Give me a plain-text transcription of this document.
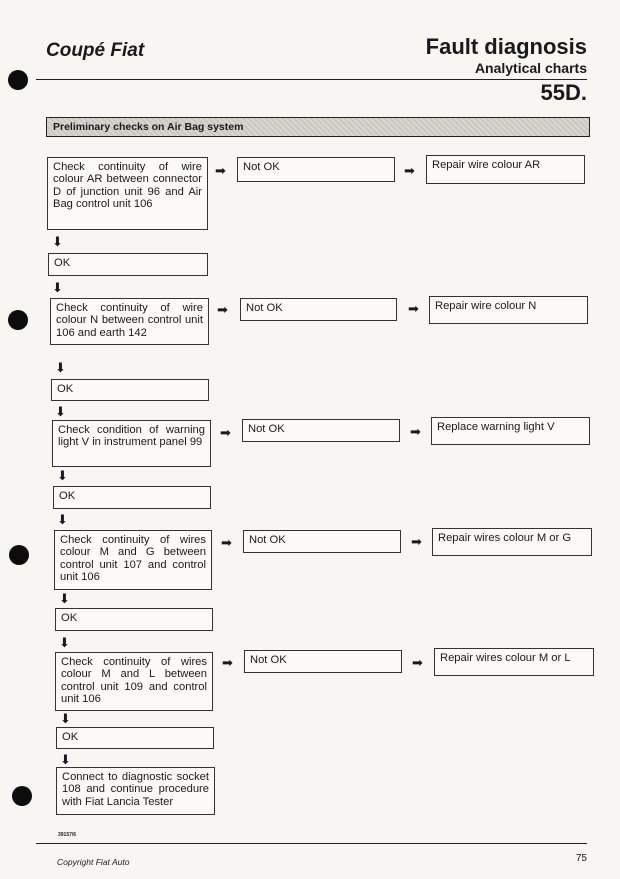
Coupé Fiat	Fault diagnosis
Analytical charts
55D.
Preliminary checks on Air Bag system
Check continuity of wire colour AR between connector D of junction unit 96 and Air Bag control unit 106
➡	Not OK	➡	Repair wire colour AR
⬇
OK
⬇
Check continuity of wire colour N between control unit 106 and earth 142
➡	Not OK	➡	Repair wire colour N
⬇
OK
⬇
Check condition of warning light V in instrument panel 99
➡	Not OK	➡	Replace warning light V
⬇
OK
⬇
Check continuity of wires colour M and G between control unit 107 and control unit 106
➡	Not OK	➡	Repair wires colour M or G
⬇
OK
⬇
Check continuity of wires colour M and L between control unit 109 and control unit 106
➡	Not OK	➡	Repair wires colour M or L
⬇
OK
⬇
Connect to diagnostic socket 108 and continue procedure with Fiat Lancia Tester
39157/6
Copyright Fiat Auto	75
